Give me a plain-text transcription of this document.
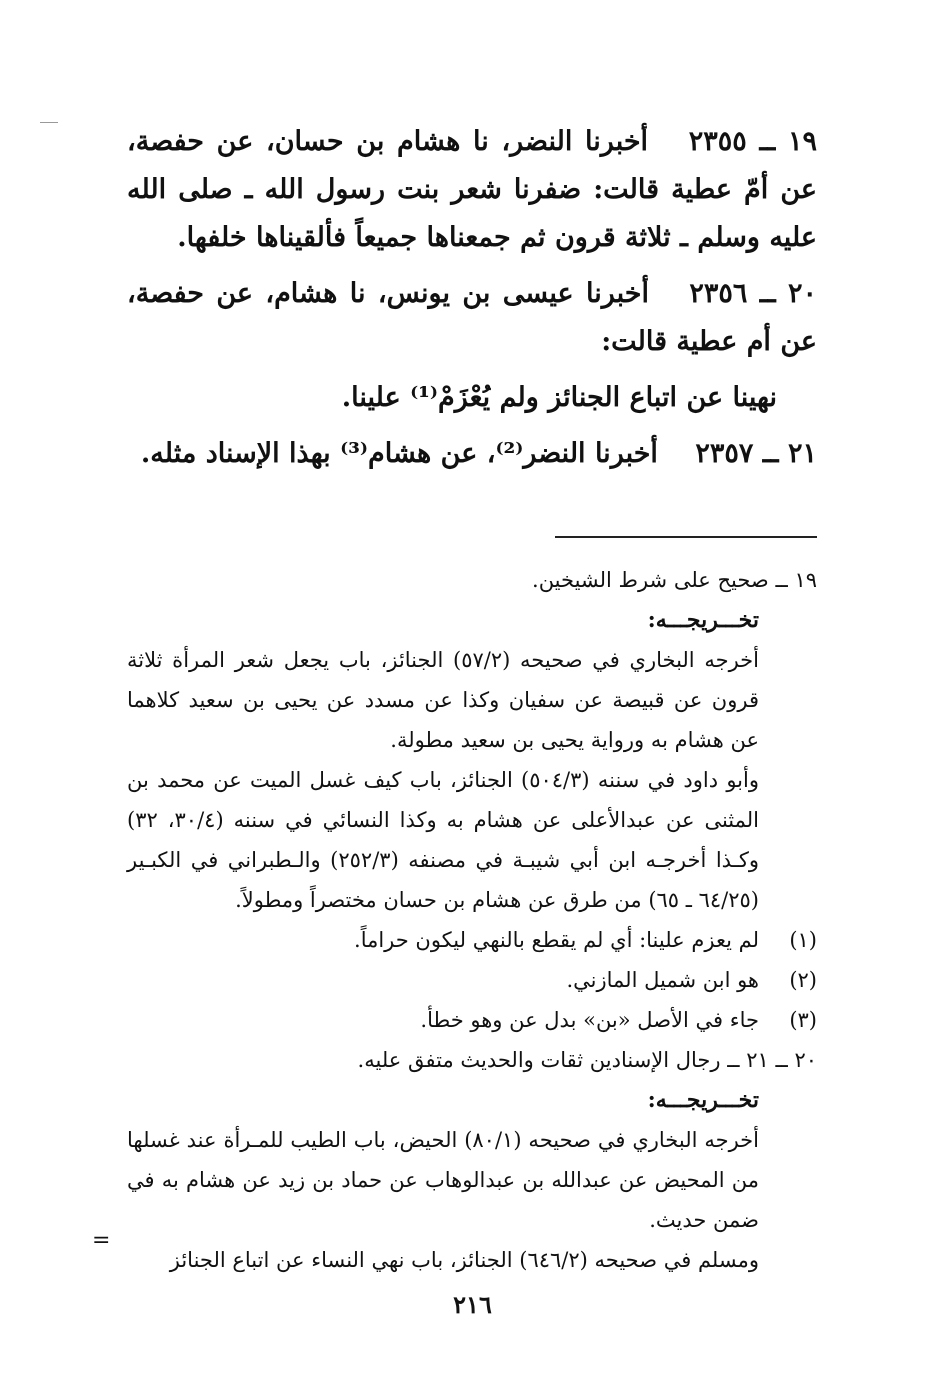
١٩ ــ ٢٣٥٥ أخبرنا النضر، نا هشام بن حسان، عن حفصة، عن أمّ عطية قالت: ضفرنا شعر بنت رسول الله ـ صلى الله عليه وسلم ـ ثلاثة قرون ثم جمعناها جميعاً فألقيناها خلفها.

٢٠ ــ ٢٣٥٦ أخبرنا عيسى بن يونس، نا هشام، عن حفصة، عن أم عطية قالت:

نهينا عن اتباع الجنائز ولم يُعْزَمْ⁽¹⁾ علينا.

٢١ ــ ٢٣٥٧ أخبرنا النضر⁽²⁾، عن هشام⁽³⁾ بهذا الإسناد مثله.

١٩ ــ صحيح على شرط الشيخين.

تخـــريجـــه:

أخرجه البخاري في صحيحه (٥٧/٢) الجنائز، باب يجعل شعر المرأة ثلاثة قرون عن قبيصة عن سفيان وكذا عن مسدد عن يحيى بن سعيد كلاهما عن هشام به ورواية يحيى بن سعيد مطولة.

وأبو داود في سننه (٥٠٤/٣) الجنائز، باب كيف غسل الميت عن محمد بن المثنى عن عبدالأعلى عن هشام به وكذا النسائي في سننه (٣٠/٤، ٣٢) وكـذا أخرجـه ابن أبي شيبـة في مصنفه (٢٥٢/٣) والـطبراني في الكبـير (٦٤/٢٥ ـ ٦٥) من طرق عن هشام بن حسان مختصراً ومطولاً.

(١)
لم يعزم علينا: أي لم يقطع بالنهي ليكون حراماً.
(٢)
هو ابن شميل المازني.
(٣)
جاء في الأصل «بن» بدل عن وهو خطأ.

٢٠ ــ ٢١ ــ رجال الإسنادين ثقات والحديث متفق عليه.

تخـــريجـــه:

أخرجه البخاري في صحيحه (٨٠/١) الحيض، باب الطيب للمـرأة عند غسلها من المحيض عن عبدالله بن عبدالوهاب عن حماد بن زيد عن هشام به في ضمن حديث.

ومسلم في صحيحه (٦٤٦/٢) الجنائز، باب نهي النساء عن اتباع الجنائز

=
٢١٦
